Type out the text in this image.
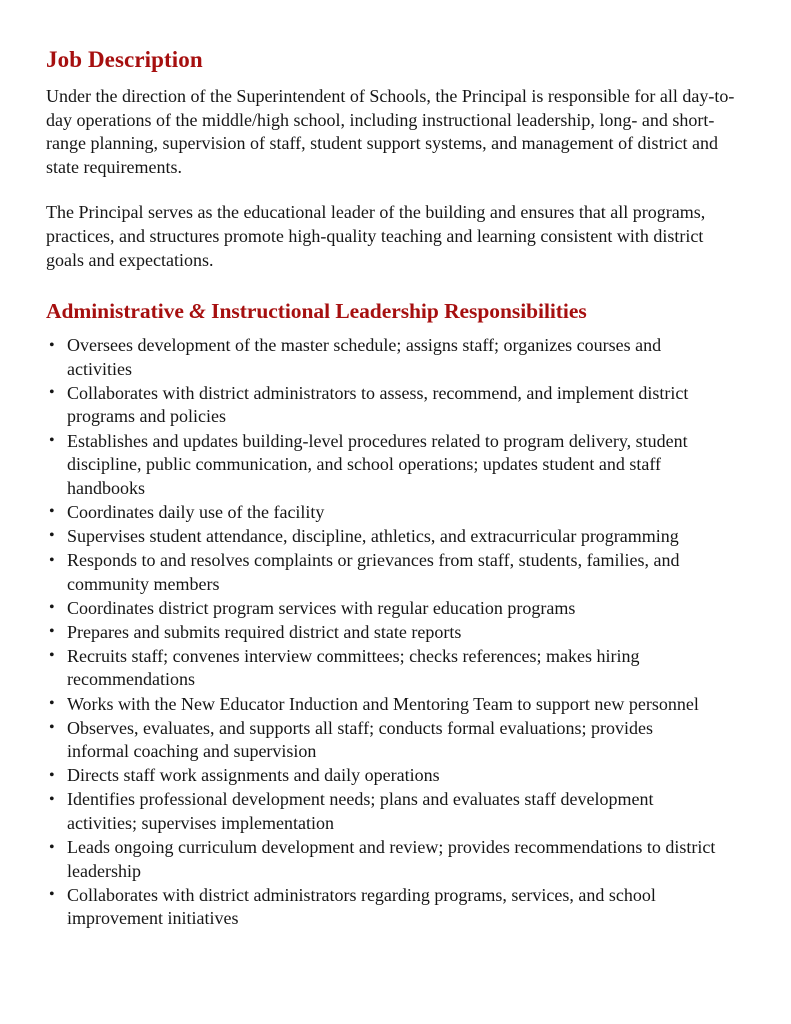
Job Description

Under the direction of the Superintendent of Schools, the Principal is responsible for all day-to-day operations of the middle/high school, including instructional leadership, long- and short-range planning, supervision of staff, student support systems, and management of district and state requirements.

The Principal serves as the educational leader of the building and ensures that all programs, practices, and structures promote high-quality teaching and learning consistent with district goals and expectations.

Administrative & Instructional Leadership Responsibilities
• Oversees development of the master schedule; assigns staff; organizes courses and activities
• Collaborates with district administrators to assess, recommend, and implement district programs and policies
• Establishes and updates building-level procedures related to program delivery, student discipline, public communication, and school operations; updates student and staff handbooks
• Coordinates daily use of the facility
• Supervises student attendance, discipline, athletics, and extracurricular programming
• Responds to and resolves complaints or grievances from staff, students, families, and community members
• Coordinates district program services with regular education programs
• Prepares and submits required district and state reports
• Recruits staff; convenes interview committees; checks references; makes hiring recommendations
• Works with the New Educator Induction and Mentoring Team to support new personnel
• Observes, evaluates, and supports all staff; conducts formal evaluations; provides informal coaching and supervision
• Directs staff work assignments and daily operations
• Identifies professional development needs; plans and evaluates staff development activities; supervises implementation
• Leads ongoing curriculum development and review; provides recommendations to district leadership
• Collaborates with district administrators regarding programs, services, and school improvement initiatives
